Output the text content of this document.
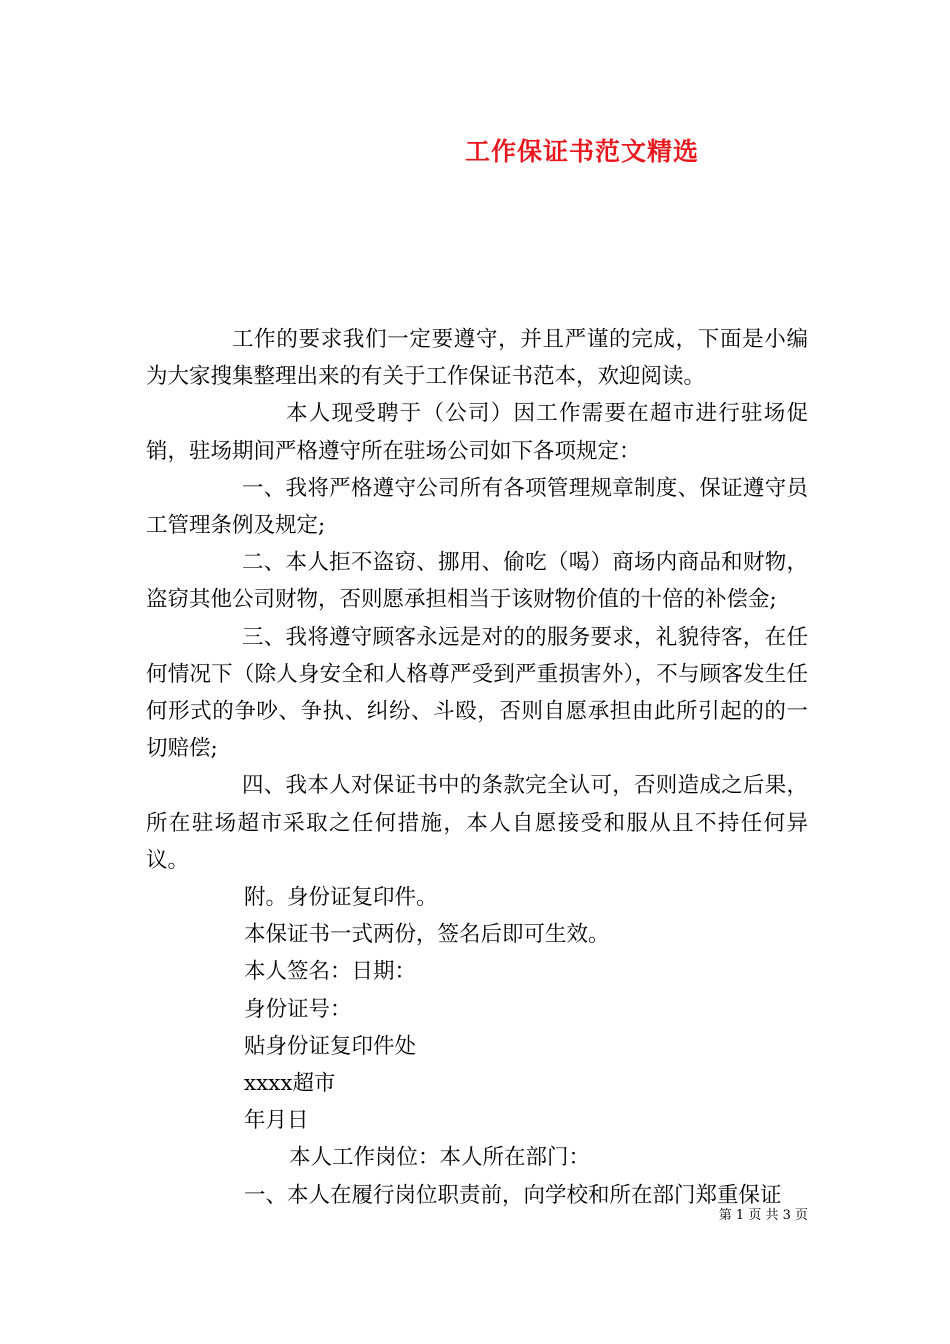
工作保证书范文精选

工作的要求我们一定要遵守，并且严谨的完成，下面是小编为大家搜集整理出来的有关于工作保证书范本，欢迎阅读。

本人现受聘于（公司）因工作需要在超市进行驻场促销，驻场期间严格遵守所在驻场公司如下各项规定：

一、我将严格遵守公司所有各项管理规章制度、保证遵守员工管理条例及规定;

二、本人拒不盗窃、挪用、偷吃（喝）商场内商品和财物，盗窃其他公司财物，否则愿承担相当于该财物价值的十倍的补偿金;

三、我将遵守顾客永远是对的的服务要求，礼貌待客，在任何情况下（除人身安全和人格尊严受到严重损害外），不与顾客发生任何形式的争吵、争执、纠纷、斗殴，否则自愿承担由此所引起的的一切赔偿;

四、我本人对保证书中的条款完全认可，否则造成之后果，所在驻场超市采取之任何措施，本人自愿接受和服从且不持任何异议。

附。身份证复印件。
本保证书一式两份，签名后即可生效。
本人签名：日期：
身份证号：
贴身份证复印件处
xxxx超市
年月日
本人工作岗位：本人所在部门：
一、本人在履行岗位职责前，向学校和所在部门郑重保证
第 1 页 共 3 页
